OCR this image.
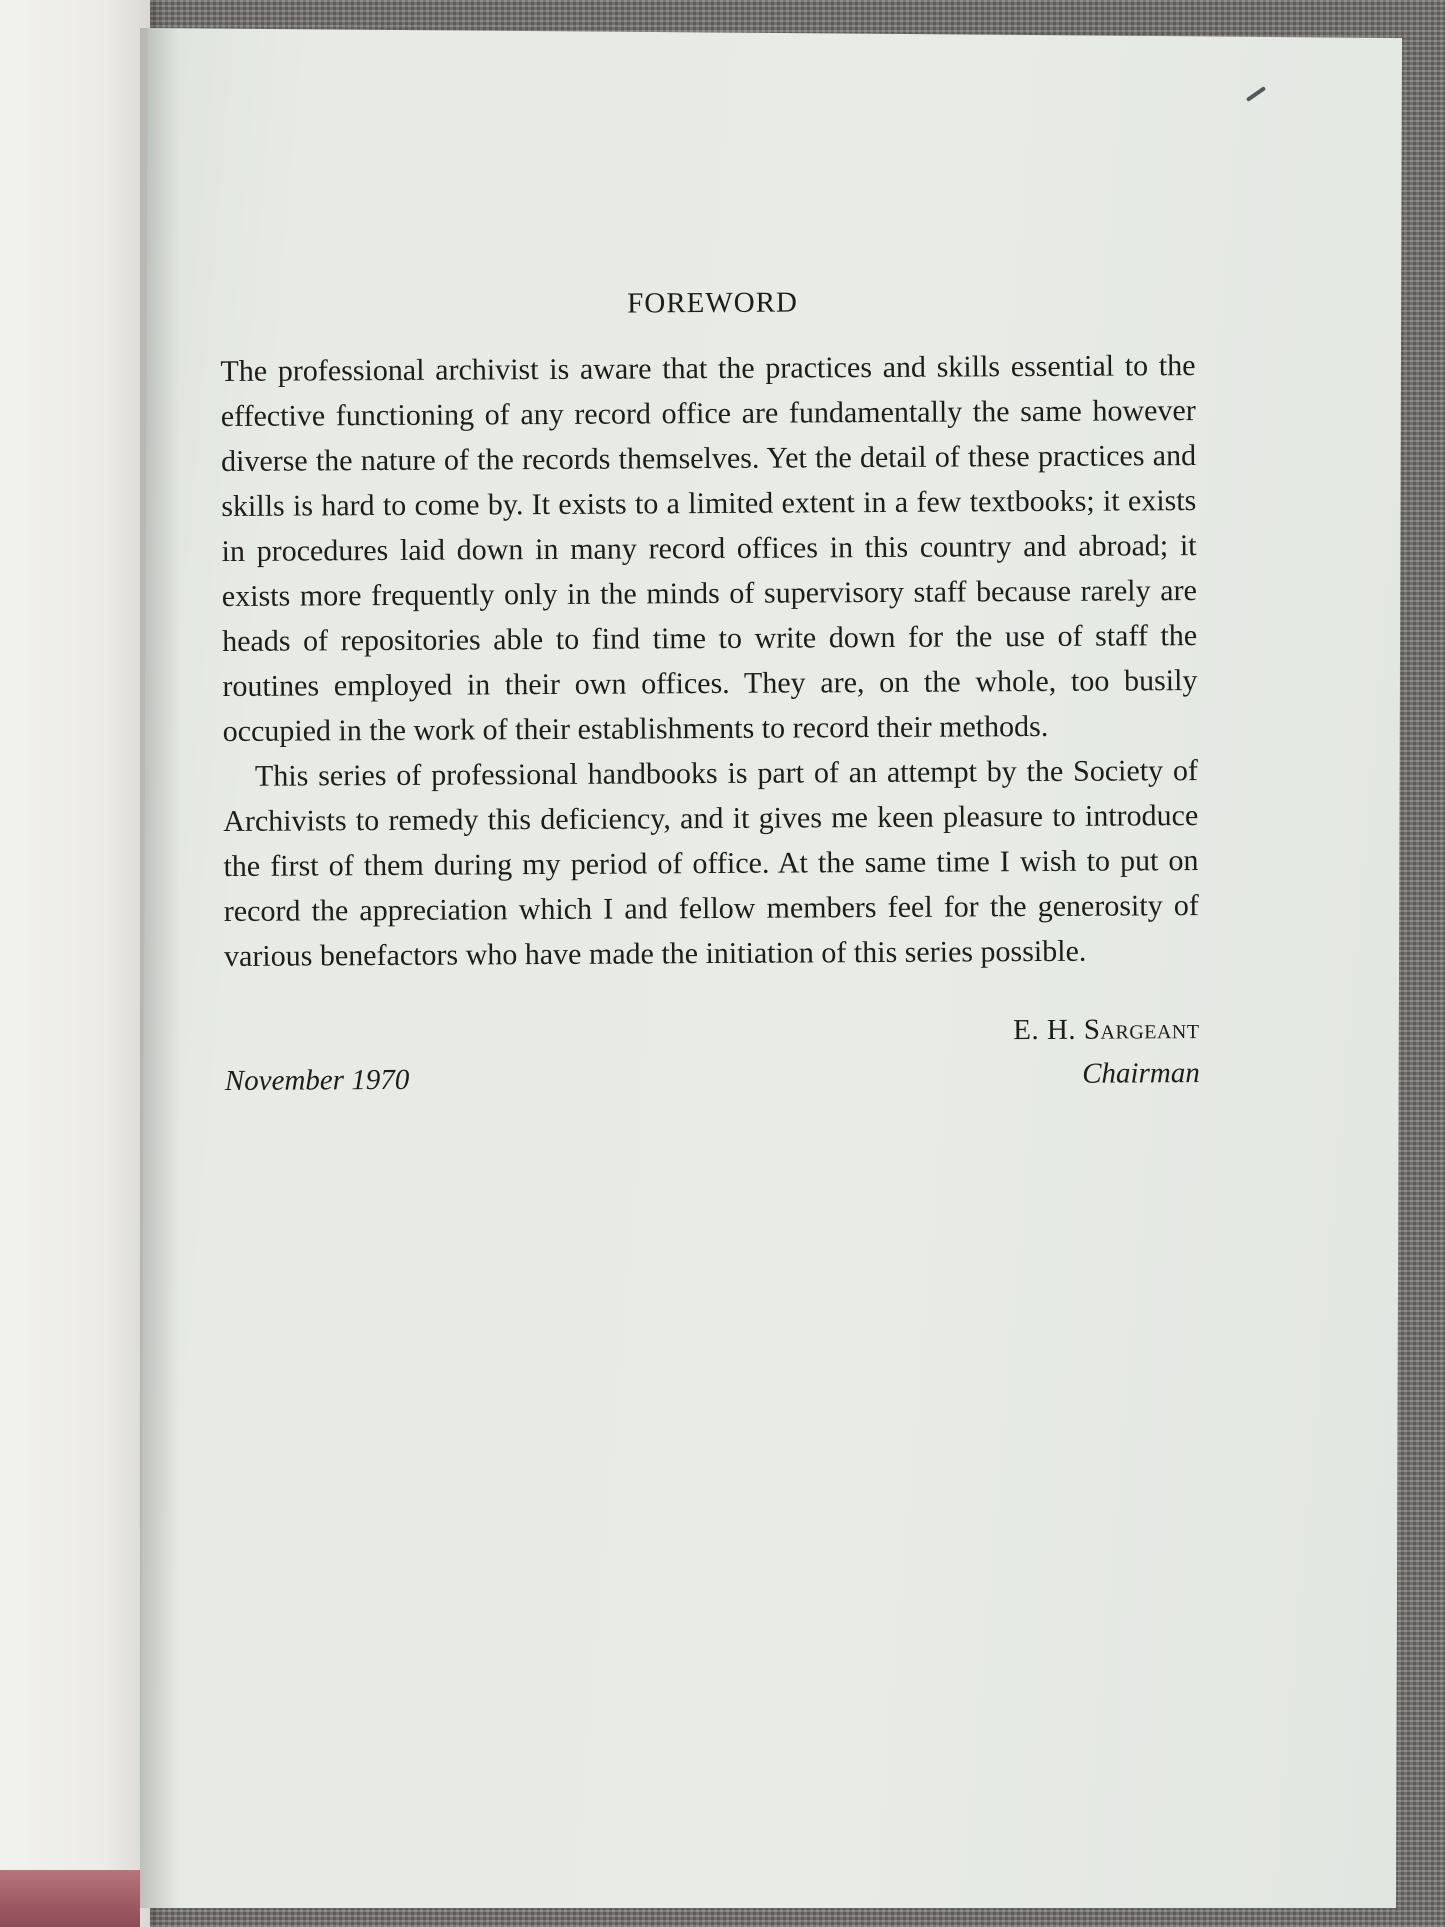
FOREWORD

The professional archivist is aware that the practices and skills essential to the effective functioning of any record office are fundamentally the same however diverse the nature of the records themselves. Yet the detail of these practices and skills is hard to come by. It exists to a limited extent in a few textbooks; it exists in procedures laid down in many record offices in this country and abroad; it exists more frequently only in the minds of supervisory staff because rarely are heads of repositories able to find time to write down for the use of staff the routines employed in their own offices. They are, on the whole, too busily occupied in the work of their establishments to record their methods.

This series of professional handbooks is part of an attempt by the Society of Archivists to remedy this deficiency, and it gives me keen pleasure to introduce the first of them during my period of office. At the same time I wish to put on record the appreciation which I and fellow members feel for the generosity of various benefactors who have made the initiation of this series possible.

E. H. Sargeant
Chairman
November 1970
